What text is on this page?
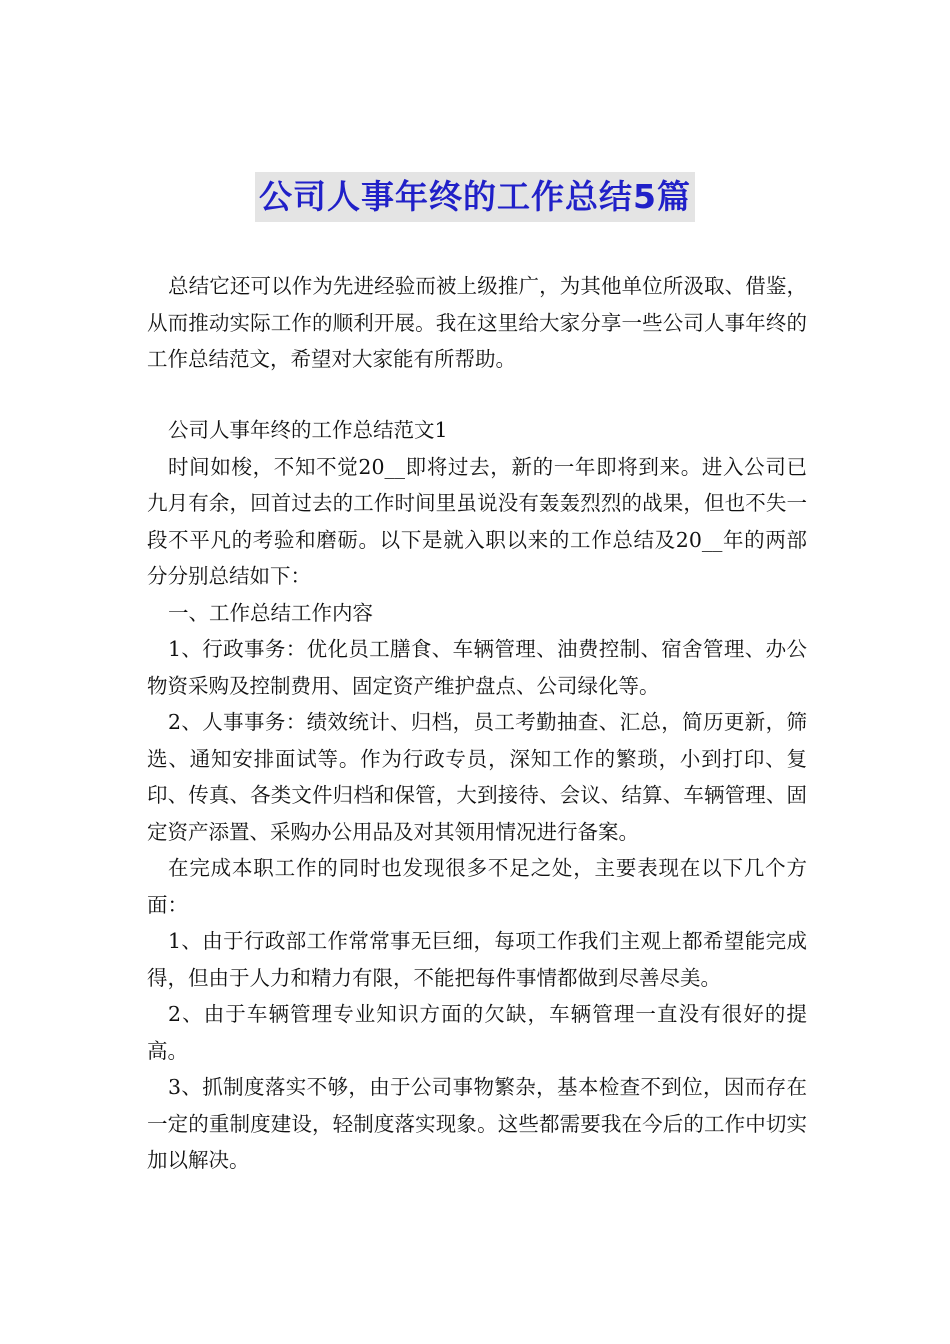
公司人事年终的工作总结5篇

总结它还可以作为先进经验而被上级推广，为其他单位所汲取、借鉴，从而推动实际工作的顺利开展。我在这里给大家分享一些公司人事年终的工作总结范文，希望对大家能有所帮助。

公司人事年终的工作总结范文1

时间如梭，不知不觉20__即将过去，新的一年即将到来。进入公司已九月有余，回首过去的工作时间里虽说没有轰轰烈烈的战果，但也不失一段不平凡的考验和磨砺。以下是就入职以来的工作总结及20__年的两部分分别总结如下：

一、工作总结工作内容

1、行政事务：优化员工膳食、车辆管理、油费控制、宿舍管理、办公物资采购及控制费用、固定资产维护盘点、公司绿化等。

2、人事事务：绩效统计、归档，员工考勤抽查、汇总，简历更新，筛选、通知安排面试等。作为行政专员，深知工作的繁琐，小到打印、复印、传真、各类文件归档和保管，大到接待、会议、结算、车辆管理、固定资产添置、采购办公用品及对其领用情况进行备案。

在完成本职工作的同时也发现很多不足之处，主要表现在以下几个方面：

1、由于行政部工作常常事无巨细，每项工作我们主观上都希望能完成得，但由于人力和精力有限，不能把每件事情都做到尽善尽美。

2、由于车辆管理专业知识方面的欠缺，车辆管理一直没有很好的提高。

3、抓制度落实不够，由于公司事物繁杂，基本检查不到位，因而存在一定的重制度建设，轻制度落实现象。这些都需要我在今后的工作中切实加以解决。
